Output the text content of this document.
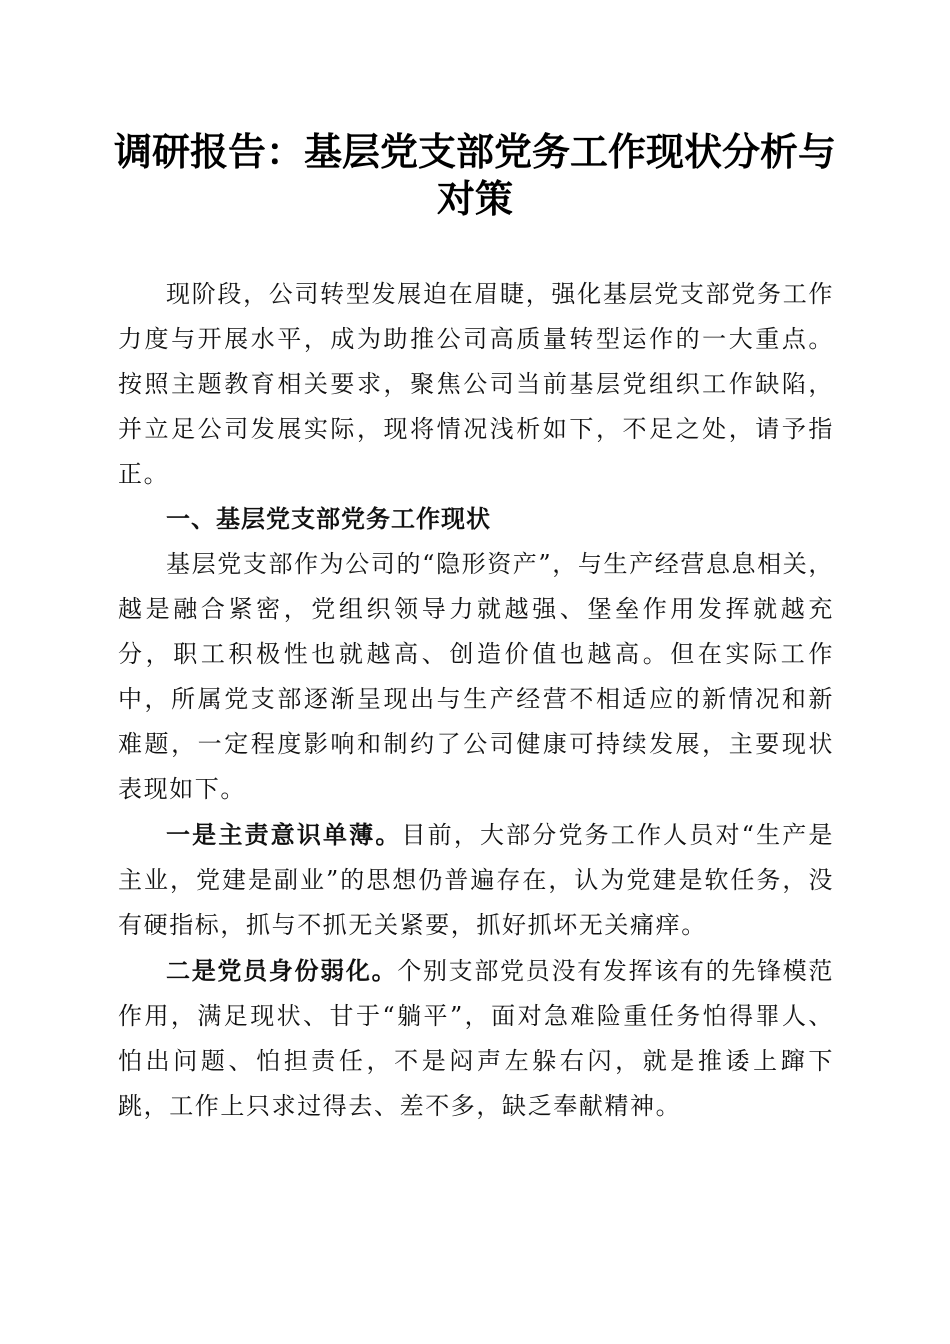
调研报告：基层党支部党务工作现状分析与对策

现阶段，公司转型发展迫在眉睫，强化基层党支部党务工作力度与开展水平，成为助推公司高质量转型运作的一大重点。按照主题教育相关要求，聚焦公司当前基层党组织工作缺陷，并立足公司发展实际，现将情况浅析如下，不足之处，请予指正。

一、基层党支部党务工作现状

基层党支部作为公司的“隐形资产”，与生产经营息息相关，越是融合紧密，党组织领导力就越强、堡垒作用发挥就越充分，职工积极性也就越高、创造价值也越高。但在实际工作中，所属党支部逐渐呈现出与生产经营不相适应的新情况和新难题，一定程度影响和制约了公司健康可持续发展，主要现状表现如下。

一是主责意识单薄。目前，大部分党务工作人员对“生产是主业，党建是副业”的思想仍普遍存在，认为党建是软任务，没有硬指标，抓与不抓无关紧要，抓好抓坏无关痛痒。

二是党员身份弱化。个别支部党员没有发挥该有的先锋模范作用，满足现状、甘于“躺平”，面对急难险重任务怕得罪人、怕出问题、怕担责任，不是闷声左躲右闪，就是推诿上蹿下跳，工作上只求过得去、差不多，缺乏奉献精神。
